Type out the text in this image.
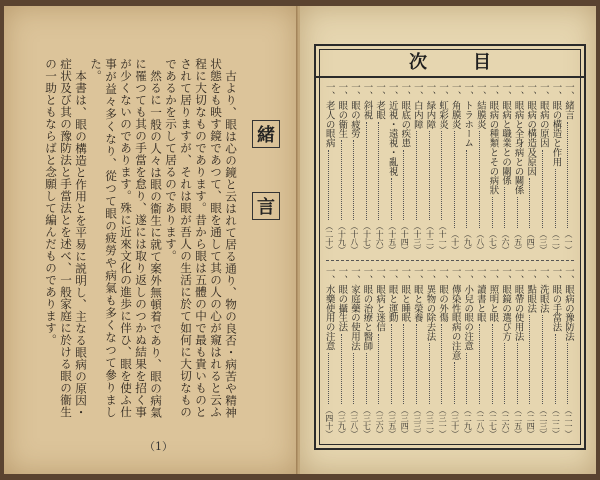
古より、眼は心の鏡と云はれて居る通り、物の良否・病苦や精神状態をも映す鏡であつて、眼を通して其の人の心が窺はれると云ふ程に大切なものであります。昔から眼は五體の中で最も貴いものとされて居りますが、それは眼が吾人の生活に於て如何に大切なものであるかを示して居るのであります。

然るに一般の人々は眼の衞生に就て案外無頓着であり、眼の病氣に罹つても其の手當を怠り、遂には取り返しのつかぬ結果を招く事が少くないのであります。殊に近來文化の進歩に伴ひ、眼を使ふ仕事が益々多くなり、從つて眼の疲勞や病氣も多くなつて參りました。

本書は、眼の構造と作用とを平易に説明し、主なる眼病の原因・症状及び其の豫防法と手當法とを述べ、一般家庭に於ける眼の衞生の一助ともならばと念願して編んだものであります。	緒
言
（1）
次	目
一、緒言
（一）
一、眼の構造と作用
（二）
一、眼病の原因
（三）
一、眼病の構造及原因
（四）
一、眼病と全身病との關係
（五）
一、眼病と職業との關係
（六）
一、眼病の種類とその病狀
（七）
一、結膜炎
（八）
一、トラホーム
（九）
一、角膜炎
（十）
一、虹彩炎
（十一）
一、緑内障
（十二）
一、白内障
（十三）
一、眼底の疾患
（十四）
一、近視・遠視・亂視
（十五）
一、老眼
（十六）
一、斜視
（十七）
一、眼の疲勞
（十八）
一、眼の衞生
（十九）
一、老人の眼病
（二十）
一、眼病の豫防法
（二一）
一、眼の手當法
（二二）
一、洗眼法
（二三）
一、點眼法
（二四）
一、眼帶の使用法
（二五）
一、眼鏡の選び方
（二六）
一、照明と眼
（二七）
一、讀書と眼
（二八）
一、小兒の眼の注意
（二九）
一、傳染性眼病の注意
（三十）
一、眼の外傷
（三一）
一、異物の除去法
（三二）
一、眼と榮養
（三三）
一、眼と睡眠
（三四）
一、眼と運動
（三五）
一、眼病と迷信
（三六）
一、眼の治療と醫師
（三七）
一、家庭藥の使用法
（三八）
一、眼の攝生法
（三九）
一、水藥使用の注意
（四十）
